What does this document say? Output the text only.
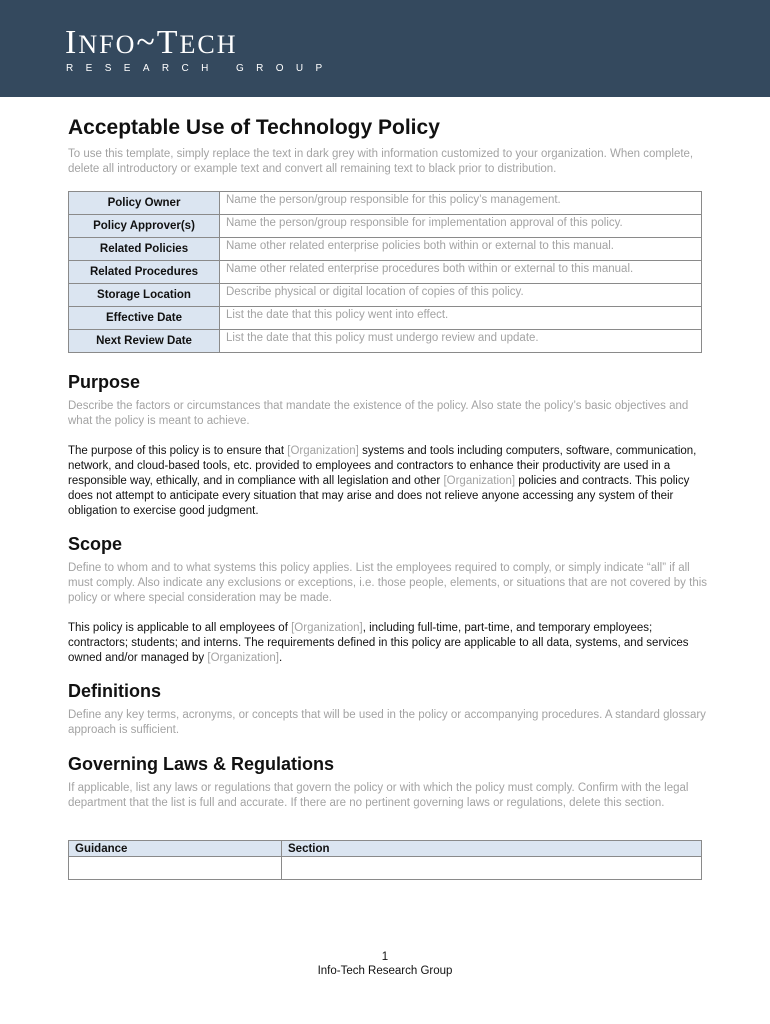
INFO~TECH
RESEARCH GROUP
Acceptable Use of Technology Policy

To use this template, simply replace the text in dark grey with information customized to your organization. When complete, delete all introductory or example text and convert all remaining text to black prior to distribution.

Policy Owner	Name the person/group responsible for this policy’s management.
Policy Approver(s)	Name the person/group responsible for implementation approval of this policy.
Related Policies	Name other related enterprise policies both within or external to this manual.
Related Procedures	Name other related enterprise procedures both within or external to this manual.
Storage Location	Describe physical or digital location of copies of this policy.
Effective Date	List the date that this policy went into effect.
Next Review Date	List the date that this policy must undergo review and update.
Purpose

Describe the factors or circumstances that mandate the existence of the policy. Also state the policy’s basic objectives and what the policy is meant to achieve.

The purpose of this policy is to ensure that [Organization] systems and tools including computers, software, communication, network, and cloud-based tools, etc. provided to employees and contractors to enhance their productivity are used in a responsible way, ethically, and in compliance with all legislation and other [Organization] policies and contracts. This policy does not attempt to anticipate every situation that may arise and does not relieve anyone accessing any system of their obligation to exercise good judgment.

Scope

Define to whom and to what systems this policy applies. List the employees required to comply, or simply indicate “all” if all must comply. Also indicate any exclusions or exceptions, i.e. those people, elements, or situations that are not covered by this policy or where special consideration may be made.

This policy is applicable to all employees of [Organization], including full-time, part-time, and temporary employees; contractors; students; and interns. The requirements defined in this policy are applicable to all data, systems, and services owned and/or managed by [Organization].

Definitions

Define any key terms, acronyms, or concepts that will be used in the policy or accompanying procedures. A standard glossary approach is sufficient.

Governing Laws & Regulations

If applicable, list any laws or regulations that govern the policy or with which the policy must comply. Confirm with the legal department that the list is full and accurate. If there are no pertinent governing laws or regulations, delete this section.

Guidance	Section

1
Info-Tech Research Group
